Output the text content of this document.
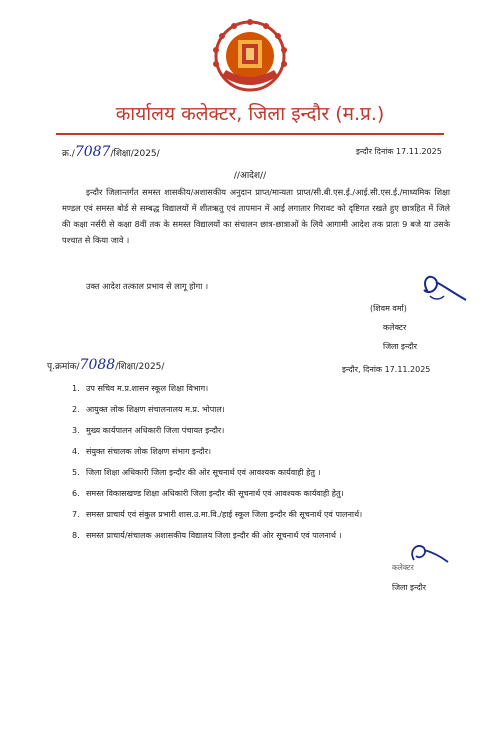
कार्यालय कलेक्टर, जिला इन्दौर (म.प्र.)
क्र./7087/शिक्षा/2025/	इन्दौर दिनांक 17.11.2025
//आदेश//
इन्दौर जिलान्तर्गत समस्त शासकीय/अशासकीय अनुदान प्राप्त/मान्यता प्राप्त/सी.बी.एस.ई./आई.सी.एस.ई./माध्यमिक शिक्षा मण्डल एवं समस्त बोर्ड से सम्बद्ध विद्यालयों में शीतऋतु एवं तापमान में आई लगातार गिरावट को दृष्टिगत रखते हुए छात्रहित में जिले की कक्षा नर्सरी से कक्षा 8वीं तक के समस्त विद्यालयों का संचालन छात्र-छात्राओं के लिये आगामी आदेश तक प्रातः 9 बजे या उसके पश्चात से किया जावे ।
उक्त आदेश तत्काल प्रभाव से लागू होगा ।
(शिवम वर्मा)
कलेक्टर
जिला इन्दौर
पृ.क्रमांक/7088/शिक्षा/2025/	इन्दौर, दिनांक 17.11.2025
1. उप सचिव म.प्र.शासन स्कूल शिक्षा विभाग।
2. आयुक्त लोक शिक्षण संचालनालय म.प्र. भोपाल।
3. मुख्य कार्यपालन अधिकारी जिला पंचायत इन्दौर।
4. संयुक्त संचालक लोक शिक्षण संभाग इन्दौर।
5. जिला शिक्षा अधिकारी जिला इन्दौर की ओर सूचनार्थ एवं आवश्यक कार्यवाही हेतु ।
6. समस्त विकासखण्ड शिक्षा अधिकारी जिला इन्दौर की सूचनार्थ एवं आवश्यक कार्यवाही हेतु।
7. समस्त प्राचार्य एवं संकुल प्रभारी शास.उ.मा.वि./हाई स्कूल जिला इन्दौर की सूचनार्थ एवं पालनार्थ।
8. समस्त प्राचार्य/संचालक अशासकीय विद्यालय जिला इन्दौर की ओर सूचनार्थ एवं पालनार्थ ।
कलेक्टर
जिला इन्दौर
